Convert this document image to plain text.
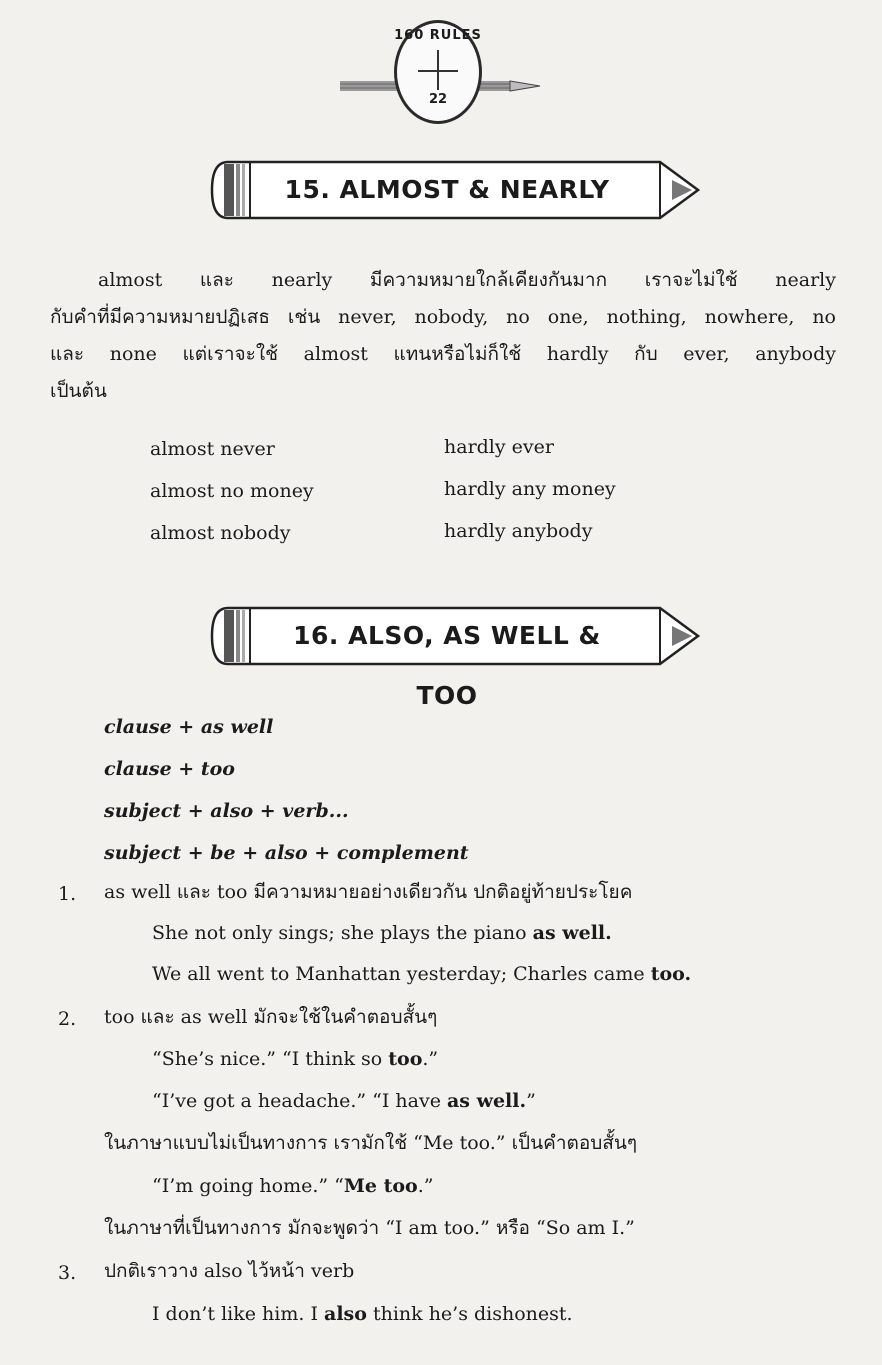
160 RULES
22
15. ALMOST & NEARLY
almost และ nearly มีความหมายใกล้เคียงกันมาก เราจะไม่ใช้ nearly
กับคำที่มีความหมายปฏิเสธ เช่น never, nobody, no one, nothing, nowhere, no
และ none แต่เราจะใช้ almost แทนหรือไม่ก็ใช้ hardly กับ ever, anybody
เป็นต้น
almost never	hardly ever
almost no money	hardly any money
almost nobody	hardly anybody
16. ALSO, AS WELL & TOO
clause + as well
clause + too
subject + also + verb...
subject + be + also + complement
1. as well และ too มีความหมายอย่างเดียวกัน ปกติอยู่ท้ายประโยค
She not only sings; she plays the piano as well.
We all went to Manhattan yesterday; Charles came too.
2. too และ as well มักจะใช้ในคำตอบสั้นๆ
“She’s nice.” “I think so too.”
“I’ve got a headache.” “I have as well.”
ในภาษาแบบไม่เป็นทางการ เรามักใช้ “Me too.” เป็นคำตอบสั้นๆ
“I’m going home.” “Me too.”
ในภาษาที่เป็นทางการ มักจะพูดว่า “I am too.” หรือ “So am I.”
3. ปกติเราวาง also ไว้หน้า verb
I don’t like him. I also think he’s dishonest.
